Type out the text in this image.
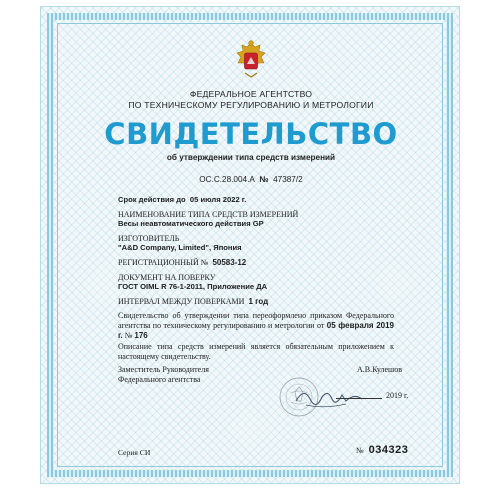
ФЕДЕРАЛЬНОЕ АГЕНТСТВО
ПО ТЕХНИЧЕСКОМУ РЕГУЛИРОВАНИЮ И МЕТРОЛОГИИ
СВИДЕТЕЛЬСТВО
об утверждении типа средств измерений
ОС.С.28.004.А № 47387/2
Срок действия до 05 июля 2022 г.
НАИМЕНОВАНИЕ ТИПА СРЕДСТВ ИЗМЕРЕНИЙ
Весы неавтоматического действия GP
ИЗГОТОВИТЕЛЬ
"A&D Company, Limited", Япония
РЕГИСТРАЦИОННЫЙ № 50583-12
ДОКУМЕНТ НА ПОВЕРКУ
ГОСТ OIML R 76-1-2011, Приложение ДА
ИНТЕРВАЛ МЕЖДУ ПОВЕРКАМИ 1 год
Свидетельство об утверждении типа переоформлено приказом Федерального агентства по техническому регулированию и метрологии от 05 февраля 2019 г. № 176
Описание типа средств измерений является обязательным приложением к настоящему свидетельству.
Заместитель Руководителя
Федерального агентства
А.В.Кулешов
2019 г.
Серия СИ	№ 034323
